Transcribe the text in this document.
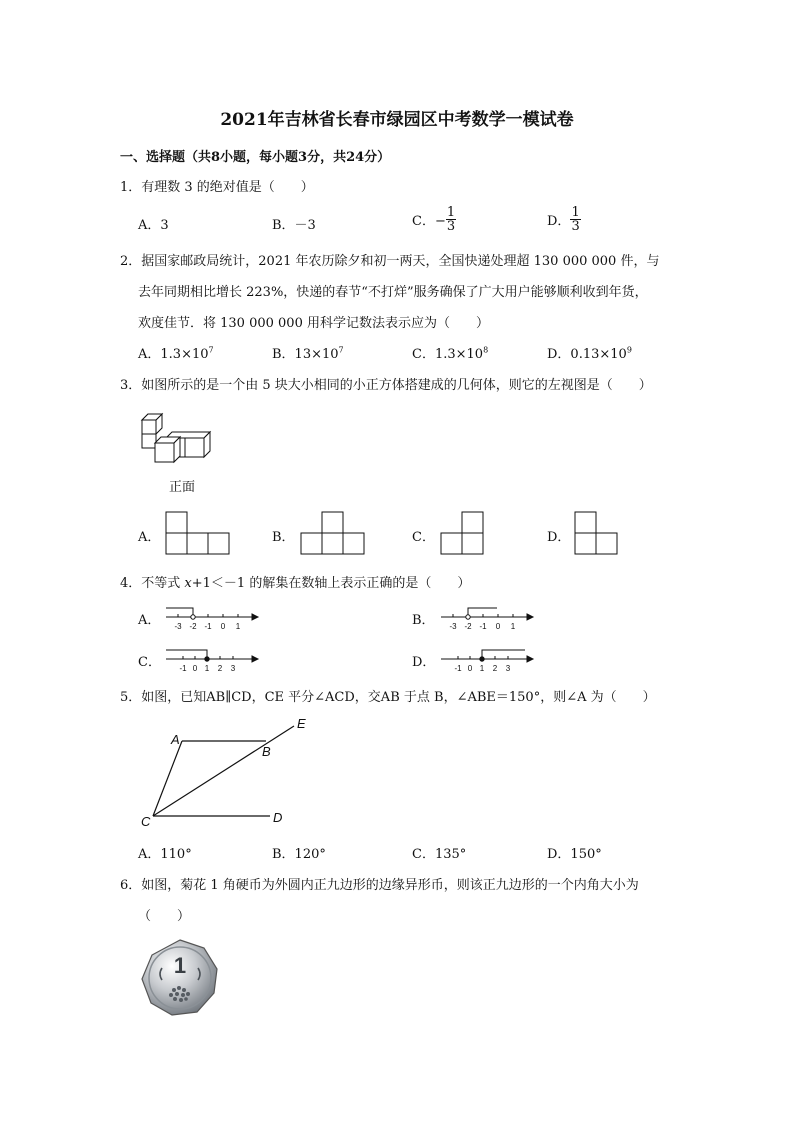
2021年吉林省长春市绿园区中考数学一模试卷
一、选择题（共8小题，每小题3分，共24分）
1．有理数 3 的绝对值是（　　）
A．3	B．－3	C．− $\frac{1}{3}$	D． $\frac{1}{3}$
2．据国家邮政局统计，2021 年农历除夕和初一两天，全国快递处理超 130 000 000 件，与
去年同期相比增长 223%，快递的春节“不打烊”服务确保了广大用户能够顺利收到年货，
欢度佳节．将 130 000 000 用科学记数法表示应为（　　）
A．$1.3\times 10^7$	B．$13\times 10^7$	C．$1.3\times 10^8$	D．$0.13\times 10^9$
3．如图所示的是一个由 5 块大小相同的小正方体搭建成的几何体，则它的左视图是（　　）
正面
A．	B．	C．	D．
4．不等式 x+1＜－1 的解集在数轴上表示正确的是（　　）
A． -3 -2 -1 0 1	B． -3 -2 -1 0 1
C． -1 0 1 2 3	D． -1 0 1 2 3
5．如图，已知AB∥CD，CE 平分∠ACD，交AB 于点 B，∠ABE＝150°，则∠A 为（　　）
A
B
C	D
E
A．110°	B．120°	C．135°	D．150°
6．如图，菊花 1 角硬币为外圆内正九边形的边缘异形币，则该正九边形的一个内角大小为
（　　）
1
